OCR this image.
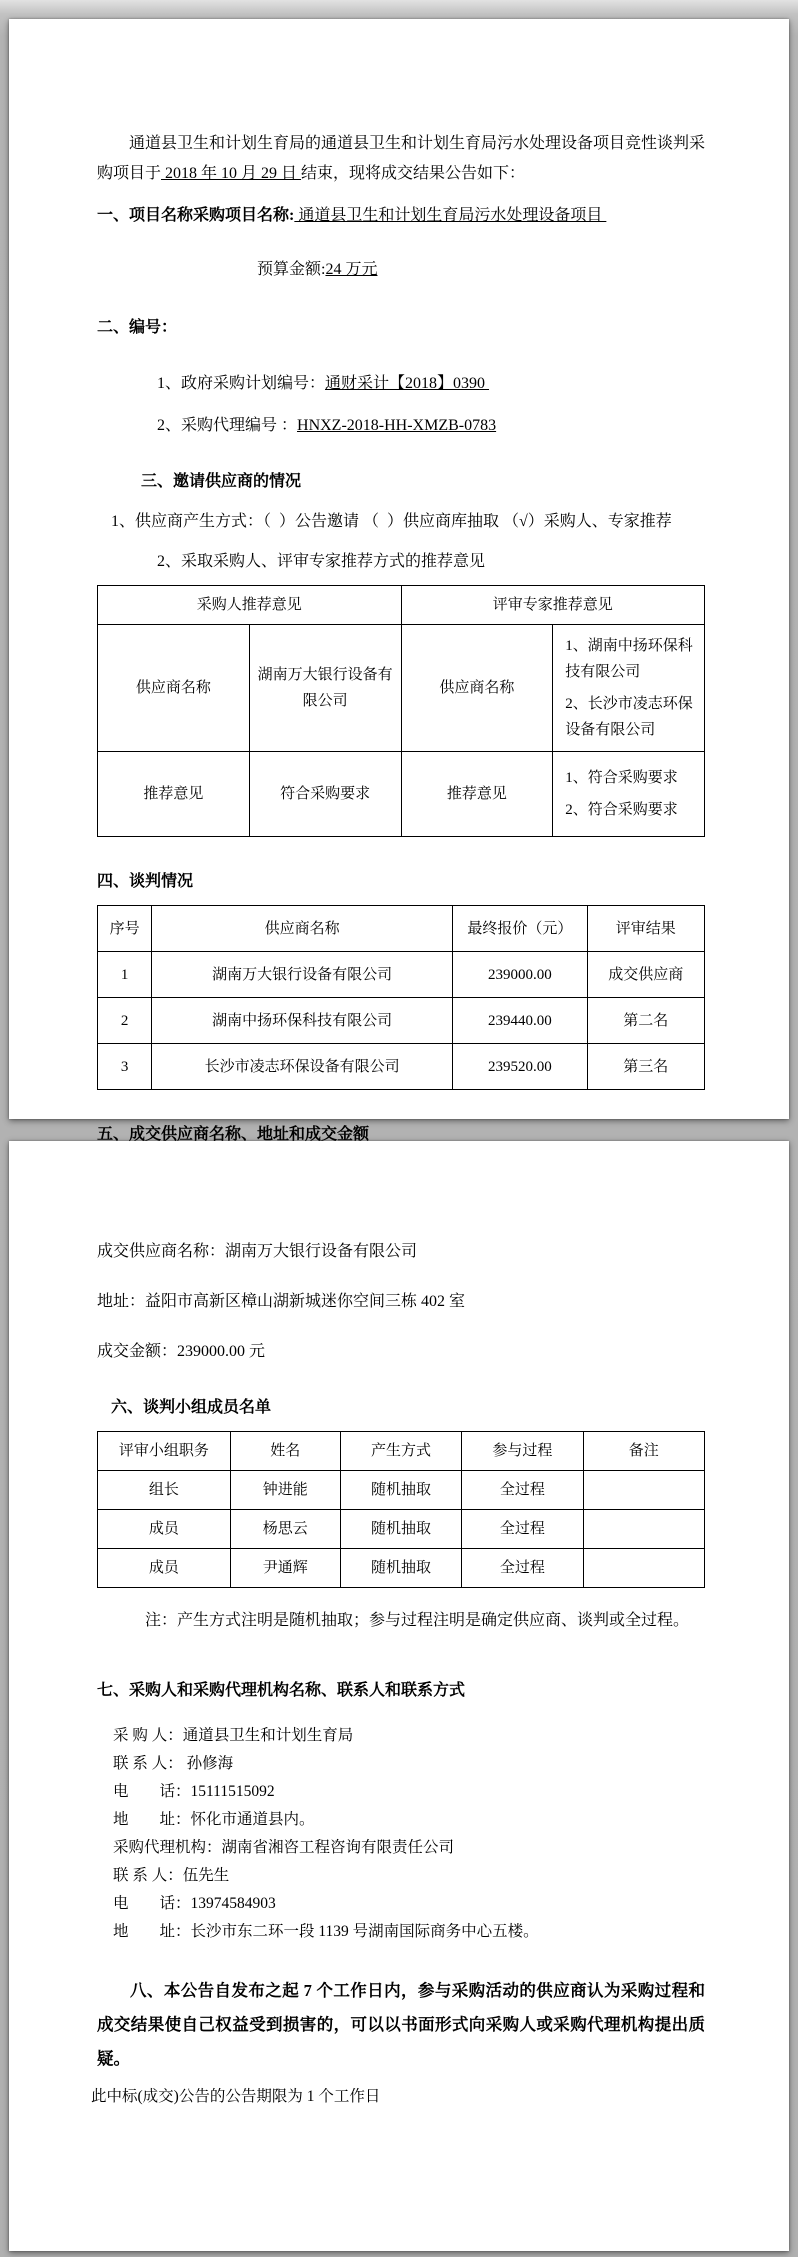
通道县卫生和计划生育局的通道县卫生和计划生育局污水处理设备项目竞性谈判采购项目于 2018 年 10 月 29 日 结束，现将成交结果公告如下：

一、项目名称采购项目名称: 通道县卫生和计划生育局污水处理设备项目

预算金额:24 万元

二、编号：

1、政府采购计划编号：通财采计【2018】0390

2、采购代理编号 ：HNXZ-2018-HH-XMZB-0783

三、邀请供应商的情况

1、供应商产生方式：（  ）公告邀请 （  ）供应商库抽取 （√）采购人、专家推荐

2、采取采购人、评审专家推荐方式的推荐意见

采购人推荐意见		评审专家推荐意见	
供应商名称	湖南万大银行设备有限公司	供应商名称	1、湖南中扬环保科技有限公司
2、长沙市凌志环保设备有限公司

推荐意见	符合采购要求	推荐意见	1、符合采购要求
2、符合采购要求

四、谈判情况

序号	供应商名称	最终报价（元）	评审结果
1	湖南万大银行设备有限公司	239000.00	成交供应商
2	湖南中扬环保科技有限公司	239440.00	第二名
3	长沙市凌志环保设备有限公司	239520.00	第三名

五、成交供应商名称、地址和成交金额

成交供应商名称：湖南万大银行设备有限公司

地址：益阳市高新区樟山湖新城迷你空间三栋 402 室

成交金额：239000.00 元

六、谈判小组成员名单

评审小组职务	姓名	产生方式	参与过程	备注
组长	钟进能	随机抽取	全过程	
成员	杨思云	随机抽取	全过程	
成员	尹通辉	随机抽取	全过程	

注：产生方式注明是随机抽取；参与过程注明是确定供应商、谈判或全过程。

七、采购人和采购代理机构名称、联系人和联系方式

采 购 人：通道县卫生和计划生育局

联 系 人： 孙修海

电　　话：15111515092

地　　址：怀化市通道县内。

采购代理机构：湖南省湘咨工程咨询有限责任公司

联 系 人：伍先生

电　　话：13974584903

地　　址：长沙市东二环一段 1139 号湖南国际商务中心五楼。

八、本公告自发布之起 7 个工作日内，参与采购活动的供应商认为采购过程和成交结果使自己权益受到损害的，可以以书面形式向采购人或采购代理机构提出质疑。

此中标(成交)公告的公告期限为 1 个工作日
